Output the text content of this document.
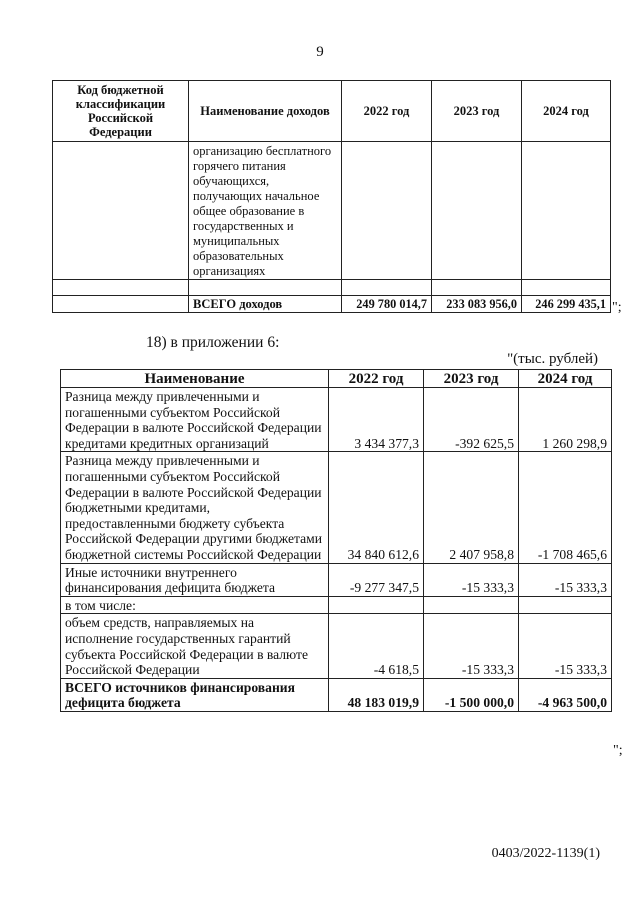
9
Код бюджетной классификации Российской Федерации	Наименование доходов	2022 год	2023 год	2024 год
	организацию бесплатного горячего питания обучающихся, получающих начальное общее образование в государственных и муниципальных образовательных организациях			

	ВСЕГО доходов	249 780 014,7	233 083 956,0	246 299 435,1 ";
18) в приложении 6:
"(тыс. рублей)
Наименование	2022 год	2023 год	2024 год
Разница между привлеченными и погашенными субъектом Российской Федерации в валюте Российской Федерации кредитами кредитных организаций	3 434 377,3	-392 625,5	1 260 298,9
Разница между привлеченными и погашенными субъектом Российской Федерации в валюте Российской Федерации бюджетными кредитами, предоставленными бюджету субъекта Российской Федерации другими бюджетами бюджетной системы Российской Федерации	34 840 612,6	2 407 958,8	-1 708 465,6
Иные источники внутреннего финансирования дефицита бюджета	-9 277 347,5	-15 333,3	-15 333,3
в том числе:			
объем средств, направляемых на исполнение государственных гарантий субъекта Российской Федерации в валюте Российской Федерации	-4 618,5	-15 333,3	-15 333,3
ВСЕГО источников финансирования дефицита бюджета	48 183 019,9	-1 500 000,0	-4 963 500,0
";
0403/2022-1139(1)
